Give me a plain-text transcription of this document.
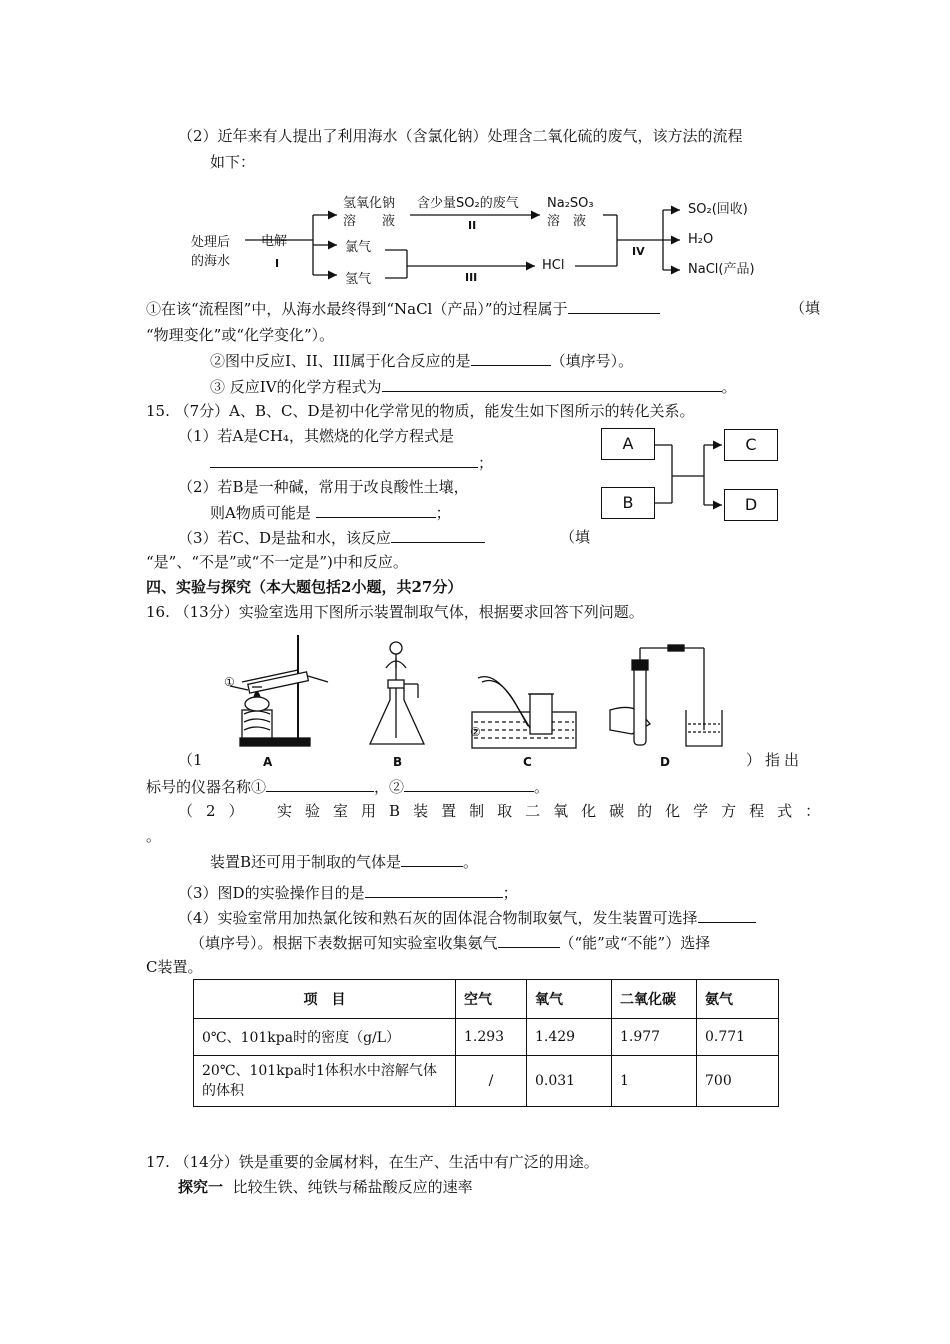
（2）近年来有人提出了利用海水（含氯化钠）处理含二氧化硫的废气，该方法的流程
如下：
处理后
的海水
电解
I
氢氧化钠
溶　　液
含少量SO₂的废气
II
Na₂SO₃
溶　液
氯气
氢气	III
HCl
IV
SO₂(回收)
H₂O
NaCl(产品)
①在该“流程图”中，从海水最终得到“NaCl（产品）”的过程属于	（填
“物理变化”或“化学变化”）。
②图中反应I、II、III属于化合反应的是	（填序号）。
③ 反应IV的化学方程式为	。
15. （7分）A、B、C、D是初中化学常见的物质，能发生如下图所示的转化关系。
（1）若A是CH₄，其燃烧的化学方程式是
；
（2）若B是一种碱，常用于改良酸性土壤，
则A物质可能是	；
（3）若C、D是盐和水，该反应	（填
“是”、“不是”或“不一定是”)中和反应。
A
B
C
D
四、实验与探究（本大题包括2小题，共27分）
16. （13分）实验室选用下图所示装置制取气体，根据要求回答下列问题。
①
②
A	B	C	D
（1	）指出
标号的仪器名称①	，②	。
（2）　实验室用B装置制取二氧化碳的化学方程式：
。
装置B还可用于制取的气体是	。
（3）图D的实验操作目的是	；
（4）实验室常用加热氯化铵和熟石灰的固体混合物制取氨气，发生装置可选择
（填序号）。根据下表数据可知实验室收集氨气	（“能”或“不能”）选择
C装置。
项　目	空气	氧气	二氧化碳	氨气
0℃、101kpa时的密度（g/L）	1.293	1.429	1.977	0.771
20℃、101kpa时1体积水中溶解气体的体积	/	0.031	1	700
17. （14分）铁是重要的金属材料，在生产、生活中有广泛的用途。
探究一 比较生铁、纯铁与稀盐酸反应的速率
